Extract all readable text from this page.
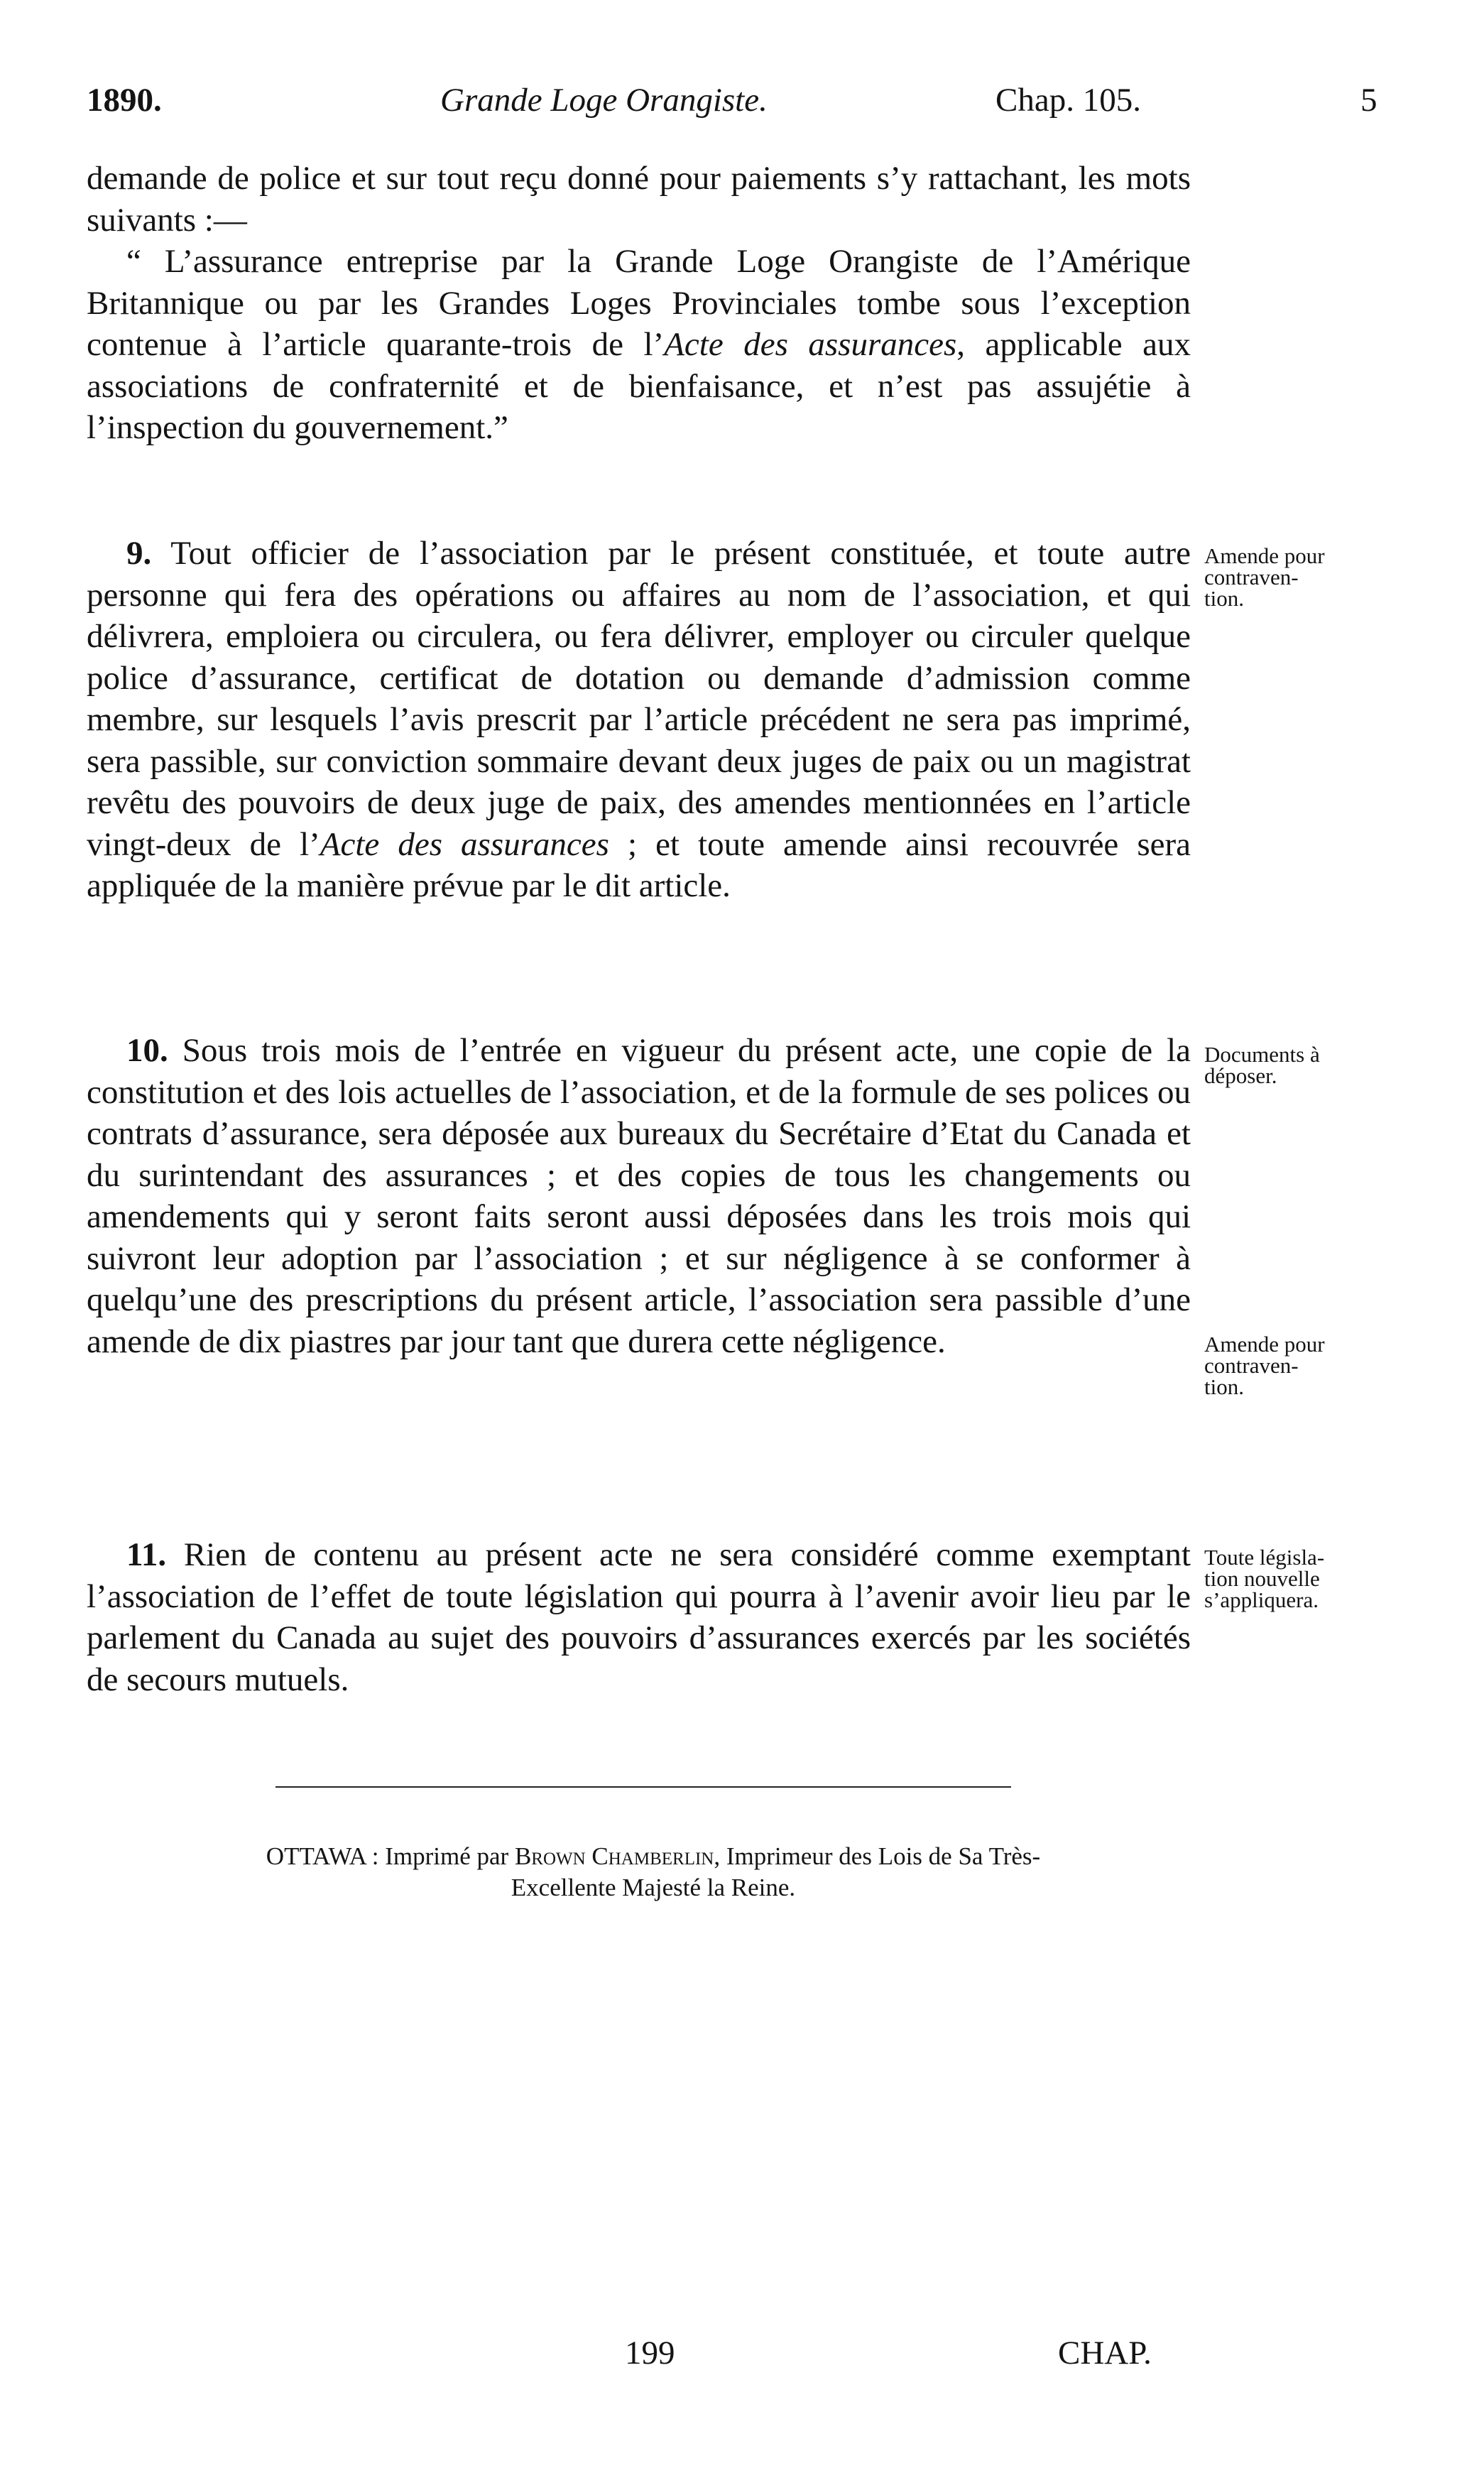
1890.	Grande Loge Orangiste.	Chap. 105.	5

demande de police et sur tout reçu donné pour paiements s’y rattachant, les mots suivants :—

“ L’assurance entreprise par la Grande Loge Orangiste de l’Amérique Britannique ou par les Grandes Loges Provinciales tombe sous l’exception contenue à l’article quarante-trois de l’Acte des assurances, applicable aux associations de confraternité et de bienfaisance, et n’est pas assujétie à l’inspection du gouvernement.”

9. Tout officier de l’association par le présent constituée, et toute autre personne qui fera des opérations ou affaires au nom de l’association, et qui délivrera, emploiera ou circulera, ou fera délivrer, employer ou circuler quelque police d’assurance, certificat de dotation ou demande d’admission comme membre, sur lesquels l’avis prescrit par l’article précédent ne sera pas imprimé, sera passible, sur conviction sommaire devant deux juges de paix ou un magistrat revêtu des pouvoirs de deux juge de paix, des amendes mentionnées en l’article vingt-deux de l’Acte des assurances ; et toute amende ainsi recouvrée sera appliquée de la manière prévue par le dit article.

10. Sous trois mois de l’entrée en vigueur du présent acte, une copie de la constitution et des lois actuelles de l’association, et de la formule de ses polices ou contrats d’assurance, sera déposée aux bureaux du Secrétaire d’Etat du Canada et du surintendant des assurances ; et des copies de tous les changements ou amendements qui y seront faits seront aussi déposées dans les trois mois qui suivront leur adoption par l’association ; et sur négligence à se conformer à quelqu’une des prescriptions du présent article, l’association sera passible d’une amende de dix piastres par jour tant que durera cette négligence.

11. Rien de contenu au présent acte ne sera considéré comme exemptant l’association de l’effet de toute législation qui pourra à l’avenir avoir lieu par le parlement du Canada au sujet des pouvoirs d’assurances exercés par les sociétés de secours mutuels.

Amende pour
contraven-
tion.
Documents à
déposer.
Amende pour
contraven-
tion.
Toute législa-
tion nouvelle
s’appliquera.
OTTAWA : Imprimé par Brown Chamberlin, Imprimeur des Lois de Sa Très-
Excellente Majesté la Reine.
199	CHAP.
